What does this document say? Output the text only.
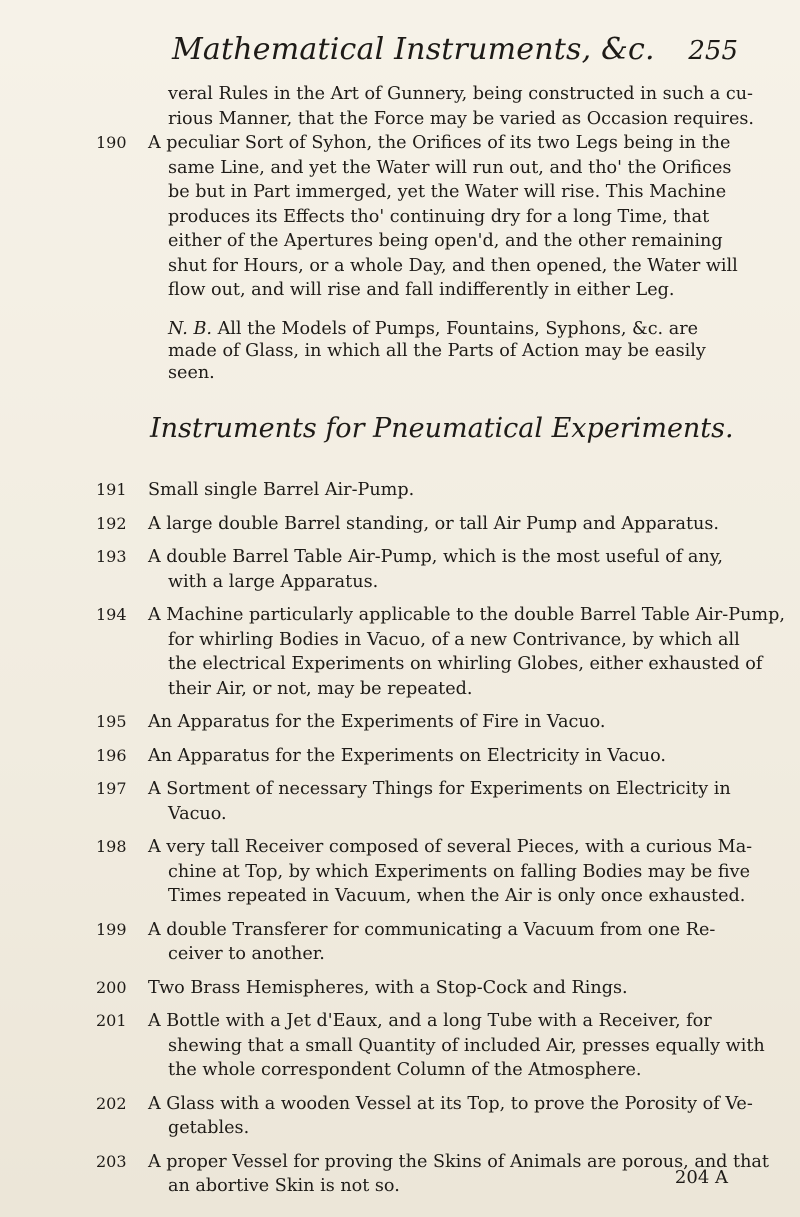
Mathematical Instruments, &c. 255
veral Rules in the Art of Gunnery, being constructed in such a cu-
rious Manner, that the Force may be varied as Occasion requires.
190	A peculiar Sort of Syhon, the Orifices of its two Legs being in the
same Line, and yet the Water will run out, and tho' the Orifices
be but in Part immerged, yet the Water will rise. This Machine
produces its Effects tho' continuing dry for a long Time, that
either of the Apertures being open'd, and the other remaining
shut for Hours, or a whole Day, and then opened, the Water will
flow out, and will rise and fall indifferently in either Leg.
N. B. All the Models of Pumps, Fountains, Syphons, &c. are
made of Glass, in which all the Parts of Action may be easily
seen.
Instruments for Pneumatical Experiments.
191	Small single Barrel Air-Pump.
192	A large double Barrel standing, or tall Air Pump and Apparatus.
193	A double Barrel Table Air-Pump, which is the most useful of any,
with a large Apparatus.
194	A Machine particularly applicable to the double Barrel Table Air-Pump,
for whirling Bodies in Vacuo, of a new Contrivance, by which all
the electrical Experiments on whirling Globes, either exhausted of
their Air, or not, may be repeated.
195	An Apparatus for the Experiments of Fire in Vacuo.
196	An Apparatus for the Experiments on Electricity in Vacuo.
197	A Sortment of necessary Things for Experiments on Electricity in
Vacuo.
198	A very tall Receiver composed of several Pieces, with a curious Ma-
chine at Top, by which Experiments on falling Bodies may be five
Times repeated in Vacuum, when the Air is only once exhausted.
199	A double Transferer for communicating a Vacuum from one Re-
ceiver to another.
200	Two Brass Hemispheres, with a Stop-Cock and Rings.
201	A Bottle with a Jet d'Eaux, and a long Tube with a Receiver, for
shewing that a small Quantity of included Air, presses equally with
the whole correspondent Column of the Atmosphere.
202	A Glass with a wooden Vessel at its Top, to prove the Porosity of Ve-
getables.
203	A proper Vessel for proving the Skins of Animals are porous, and that
an abortive Skin is not so.	204 A
